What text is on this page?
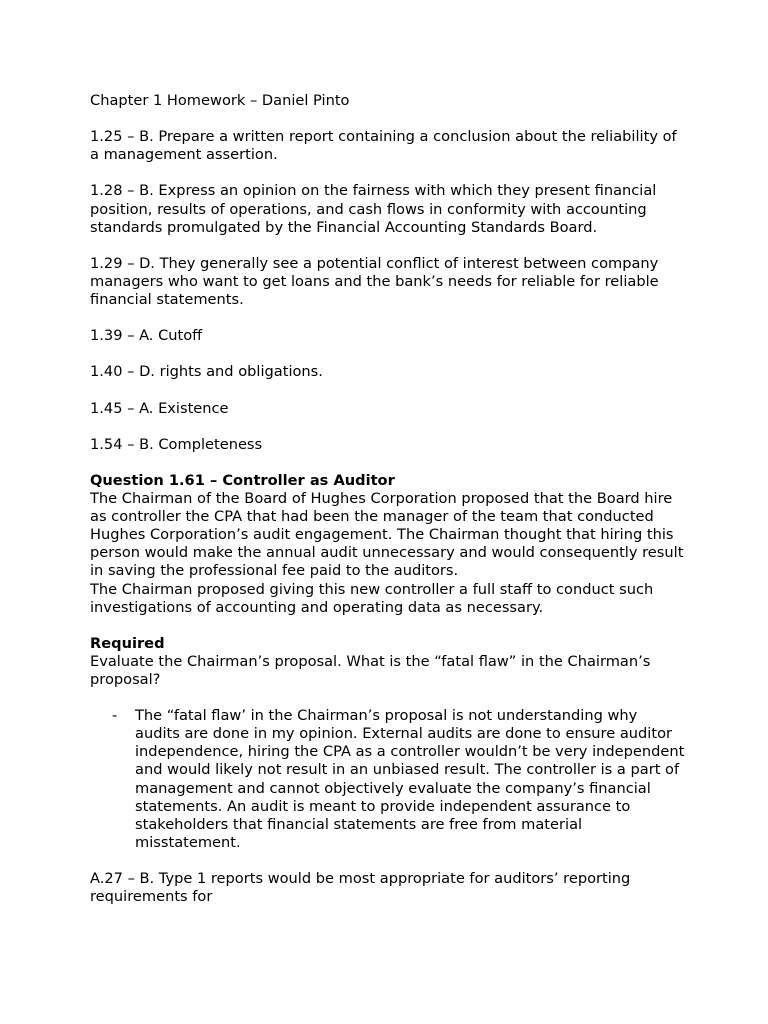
Chapter 1 Homework – Daniel Pinto

1.25 – B. Prepare a written report containing a conclusion about the reliability of a management assertion.

1.28 – B. Express an opinion on the fairness with which they present financial position, results of operations, and cash flows in conformity with accounting standards promulgated by the Financial Accounting Standards Board.

1.29 – D. They generally see a potential conflict of interest between company managers who want to get loans and the bank’s needs for reliable for reliable financial statements.

1.39 – A. Cutoff

1.40 – D. rights and obligations.

1.45 – A. Existence

1.54 – B. Completeness

Question 1.61 – Controller as Auditor

The Chairman of the Board of Hughes Corporation proposed that the Board hire as controller the CPA that had been the manager of the team that conducted Hughes Corporation’s audit engagement. The Chairman thought that hiring this person would make the annual audit unnecessary and would consequently result in saving the professional fee paid to the auditors.

The Chairman proposed giving this new controller a full staff to conduct such investigations of accounting and operating data as necessary.

Required

Evaluate the Chairman’s proposal. What is the “fatal flaw” in the Chairman’s proposal?

- The “fatal flaw’ in the Chairman’s proposal is not understanding why audits are done in my opinion. External audits are done to ensure auditor independence, hiring the CPA as a controller wouldn’t be very independent and would likely not result in an unbiased result. The controller is a part of management and cannot objectively evaluate the company’s financial statements. An audit is meant to provide independent assurance to stakeholders that financial statements are free from material misstatement.

A.27 – B. Type 1 reports would be most appropriate for auditors’ reporting requirements for
